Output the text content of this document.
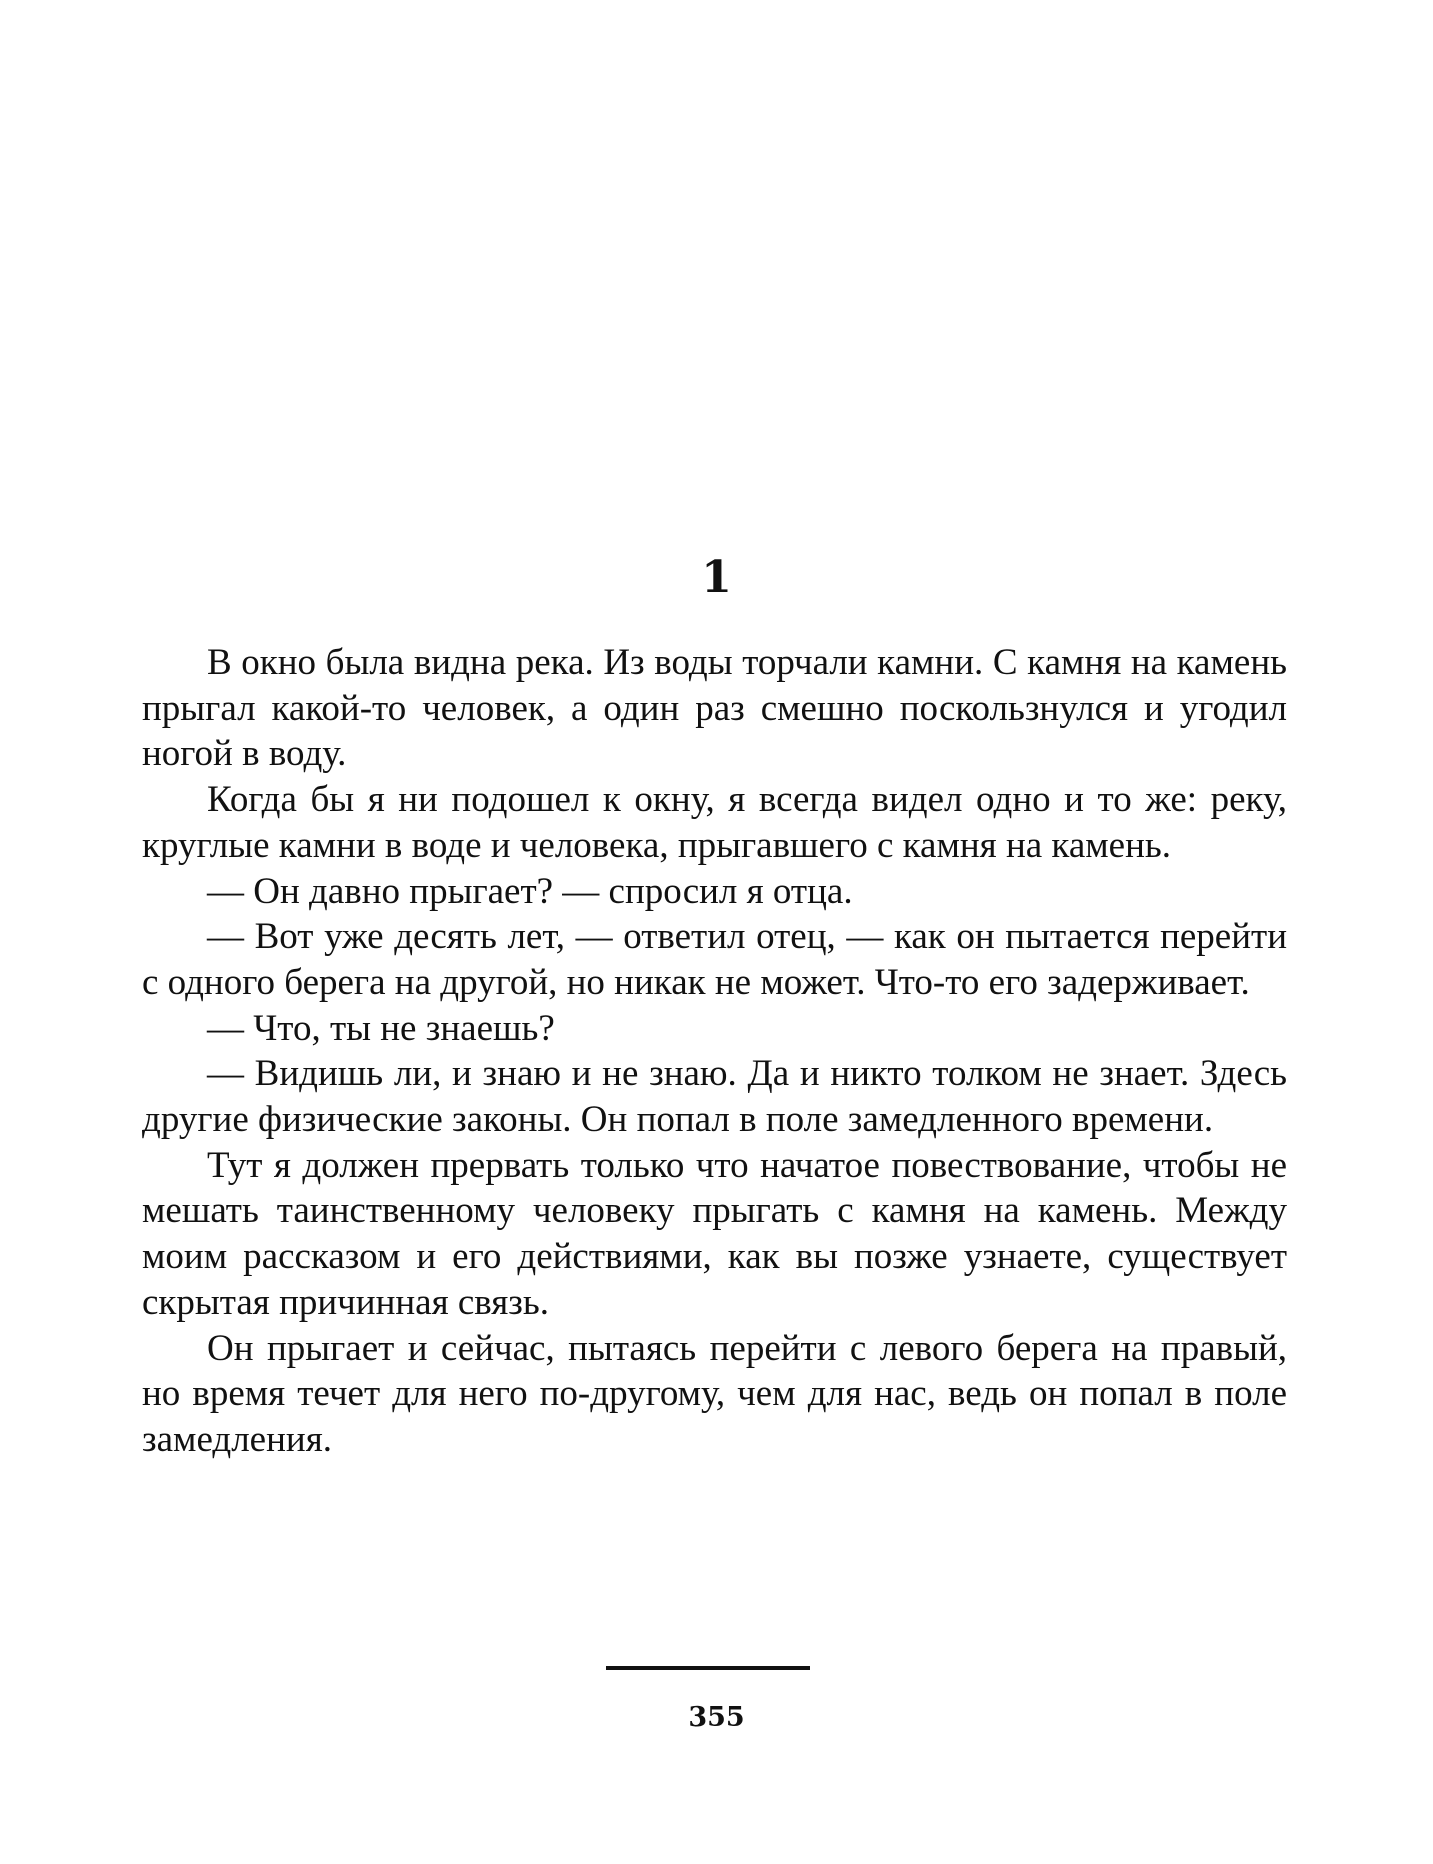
1

В окно была видна река. Из воды торчали камни. С камня на камень прыгал какой-то человек, а один раз смешно поскользнулся и угодил ногой в воду.

Когда бы я ни подошел к окну, я всегда видел одно и то же: реку, круглые камни в воде и человека, прыгавшего с камня на камень.

— Он давно прыгает? — спросил я отца.

— Вот уже десять лет, — ответил отец, — как он пытается перейти с одного берега на другой, но никак не может. Что-то его задерживает.

— Что, ты не знаешь?

— Видишь ли, и знаю и не знаю. Да и никто толком не знает. Здесь другие физические законы. Он попал в поле замедленного времени.

Тут я должен прервать только что начатое повествование, чтобы не мешать таинственному человеку прыгать с камня на камень. Между моим рассказом и его действиями, как вы позже узнаете, существует скрытая причинная связь.

Он прыгает и сейчас, пытаясь перейти с левого берега на правый, но время течет для него по-другому, чем для нас, ведь он попал в поле замедления.

355
